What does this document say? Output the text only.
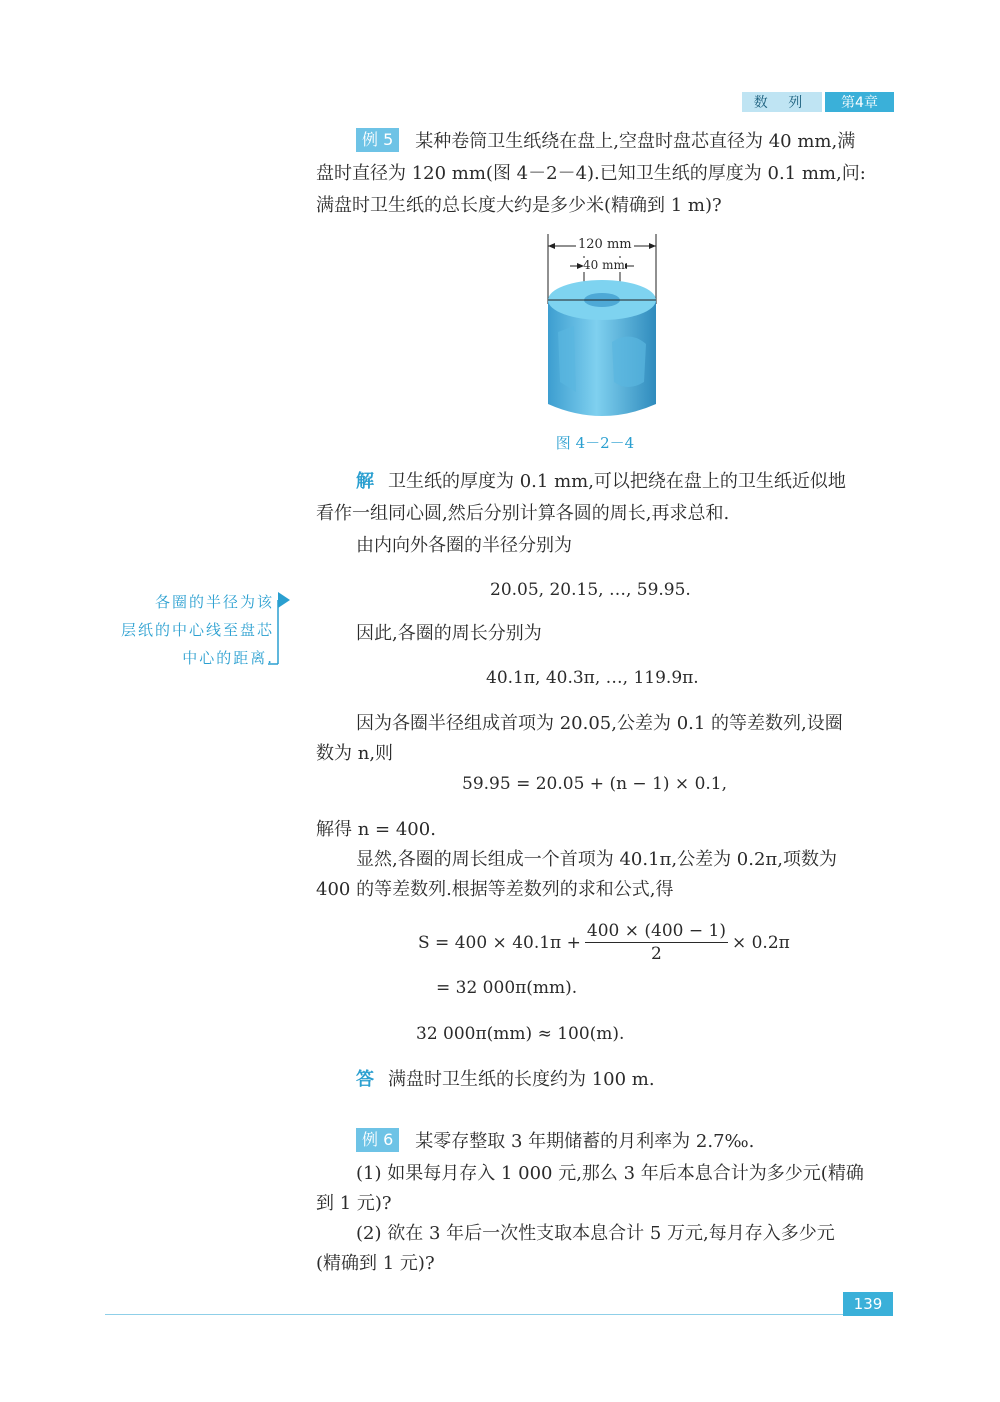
数 列	第4章
例 5 某种卷筒卫生纸绕在盘上,空盘时盘芯直径为 40 mm,满
盘时直径为 120 mm(图 4－2－4).已知卫生纸的厚度为 0.1 mm,问:
满盘时卫生纸的总长度大约是多少米(精确到 1 m)?
120 mm
40 mm
图 4－2－4
解 卫生纸的厚度为 0.1 mm,可以把绕在盘上的卫生纸近似地
看作一组同心圆,然后分别计算各圆的周长,再求总和.
由内向外各圈的半径分别为
20.05, 20.15, …, 59.95.
各圈的半径为该
层纸的中心线至盘芯
中心的距离.
因此,各圈的周长分别为
40.1π, 40.3π, …, 119.9π.
因为各圈半径组成首项为 20.05,公差为 0.1 的等差数列,设圈
数为 n,则
59.95 = 20.05 + (n − 1) × 0.1,
解得 n = 400.
显然,各圈的周长组成一个首项为 40.1π,公差为 0.2π,项数为
400 的等差数列.根据等差数列的求和公式,得
$S = 400 \times 40.1\pi + \frac{400 \times (400 - 1)}{2} \times 0.2\pi$
= 32 000π(mm).
32 000π(mm) ≈ 100(m).
答 满盘时卫生纸的长度约为 100 m.
例 6 某零存整取 3 年期储蓄的月利率为 2.7‰.
(1) 如果每月存入 1 000 元,那么 3 年后本息合计为多少元(精确
到 1 元)?
(2) 欲在 3 年后一次性支取本息合计 5 万元,每月存入多少元
(精确到 1 元)?
139
